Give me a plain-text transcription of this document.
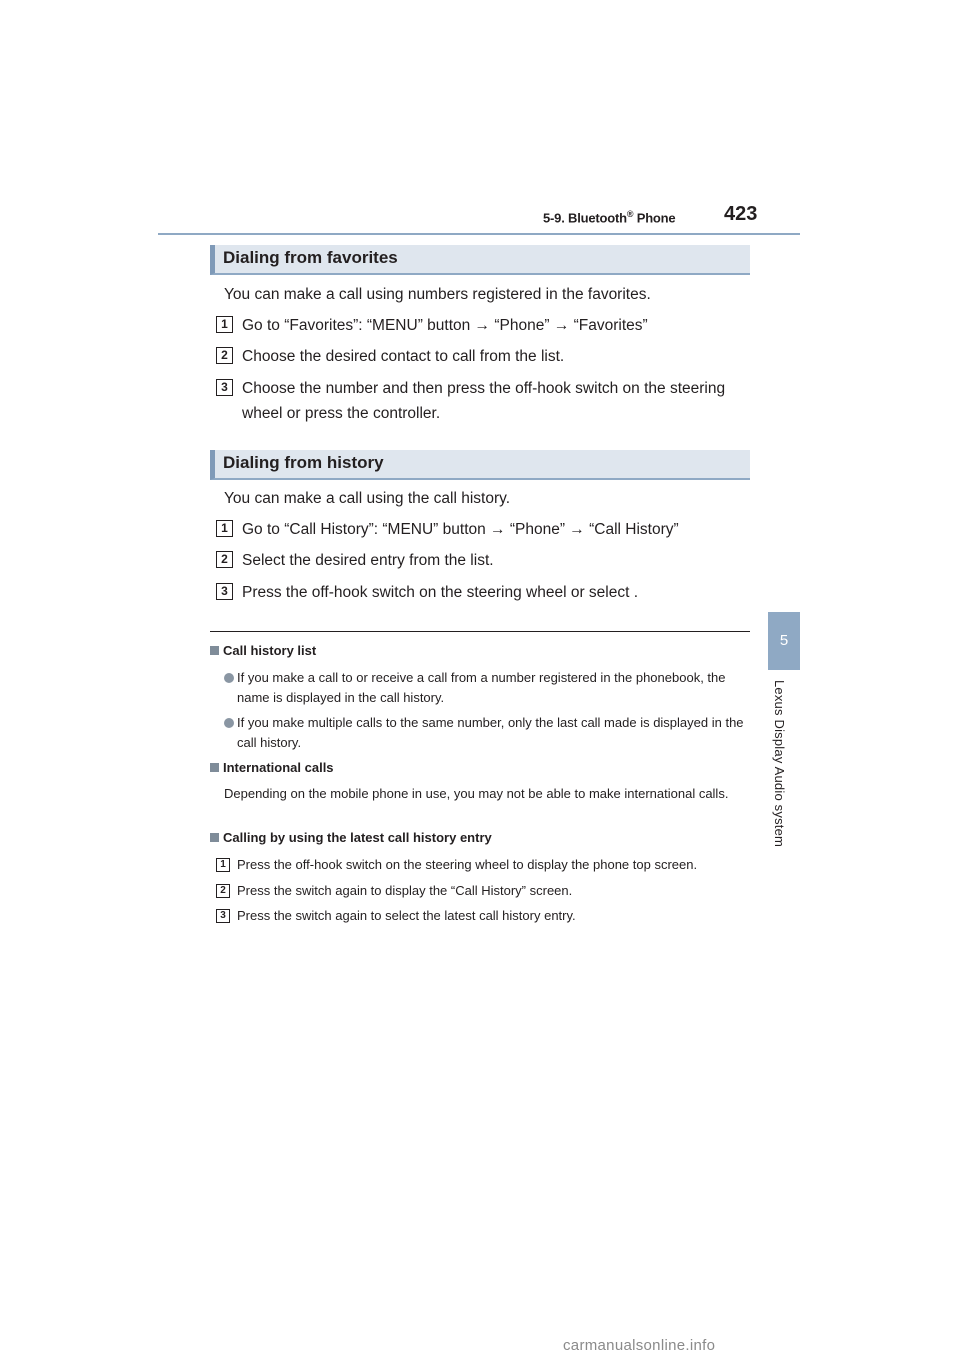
5-9. Bluetooth® Phone 423
5
Lexus Display Audio system
Dialing from favorites
You can make a call using numbers registered in the favorites.
1 Go to “Favorites”: “MENU” button → “Phone” → “Favorites”
2 Choose the desired contact to call from the list.
3 Choose the number and then press the off-hook switch on the steering wheel or press the controller.
Dialing from history
You can make a call using the call history.
1 Go to “Call History”: “MENU” button → “Phone” → “Call History”
2 Select the desired entry from the list.
3 Press the off-hook switch on the steering wheel or select .
Call history list
If you make a call to or receive a call from a number registered in the phonebook, the name is displayed in the call history.
If you make multiple calls to the same number, only the last call made is displayed in the call history.
International calls
Depending on the mobile phone in use, you may not be able to make international calls.
Calling by using the latest call history entry
1 Press the off-hook switch on the steering wheel to display the phone top screen.
2 Press the switch again to display the “Call History” screen.
3 Press the switch again to select the latest call history entry.
carmanualsonline.info
